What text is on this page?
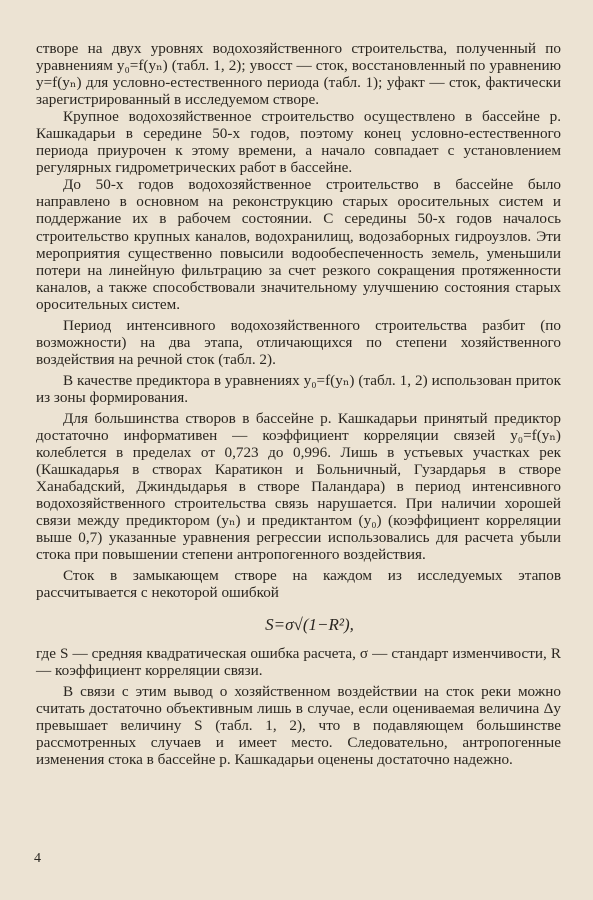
створе на двух уровнях водохозяйственного строительства, полученный по уравнениям y₀=f(yₙ) (табл. 1, 2); yвосст — сток, восстановленный по уравнению y=f(yₙ) для условно-естественного периода (табл. 1); yфакт — сток, фактически зарегистрированный в исследуемом створе.

Крупное водохозяйственное строительство осуществлено в бассейне р. Кашкадарьи в середине 50-х годов, поэтому конец условно-естественного периода приурочен к этому времени, а начало совпадает с установлением регулярных гидрометрических работ в бассейне.

До 50-х годов водохозяйственное строительство в бассейне было направлено в основном на реконструкцию старых оросительных систем и поддержание их в рабочем состоянии. С середины 50-х годов началось строительство крупных каналов, водохранилищ, водозаборных гидроузлов. Эти мероприятия существенно повысили водообеспеченность земель, уменьшили потери на линейную фильтрацию за счет резкого сокращения протяженности каналов, а также способствовали значительному улучшению состояния старых оросительных систем.

Период интенсивного водохозяйственного строительства разбит (по возможности) на два этапа, отличающихся по степени хозяйственного воздействия на речной сток (табл. 2).

В качестве предиктора в уравнениях y₀=f(yₙ) (табл. 1, 2) использован приток из зоны формирования.

Для большинства створов в бассейне р. Кашкадарьи принятый предиктор достаточно информативен — коэффициент корреляции связей y₀=f(yₙ) колеблется в пределах от 0,723 до 0,996. Лишь в устьевых участках рек (Кашкадарья в створах Каратикон и Больничный, Гузардарья в створе Ханабадский, Джиндыдарья в створе Паландара) в период интенсивного водохозяйственного строительства связь нарушается. При наличии хорошей связи между предиктором (yₙ) и предиктантом (y₀) (коэффициент корреляции выше 0,7) указанные уравнения регрессии использовались для расчета убыли стока при повышении степени антропогенного воздействия.

Сток в замыкающем створе на каждом из исследуемых этапов рассчитывается с некоторой ошибкой

S=σ√(1−R²),

где S — средняя квадратическая ошибка расчета, σ — стандарт изменчивости, R — коэффициент корреляции связи.

В связи с этим вывод о хозяйственном воздействии на сток реки можно считать достаточно объективным лишь в случае, если оцениваемая величина Δy превышает величину S (табл. 1, 2), что в подавляющем большинстве рассмотренных случаев и имеет место. Следовательно, антропогенные изменения стока в бассейне р. Кашкадарьи оценены достаточно надежно.

4
